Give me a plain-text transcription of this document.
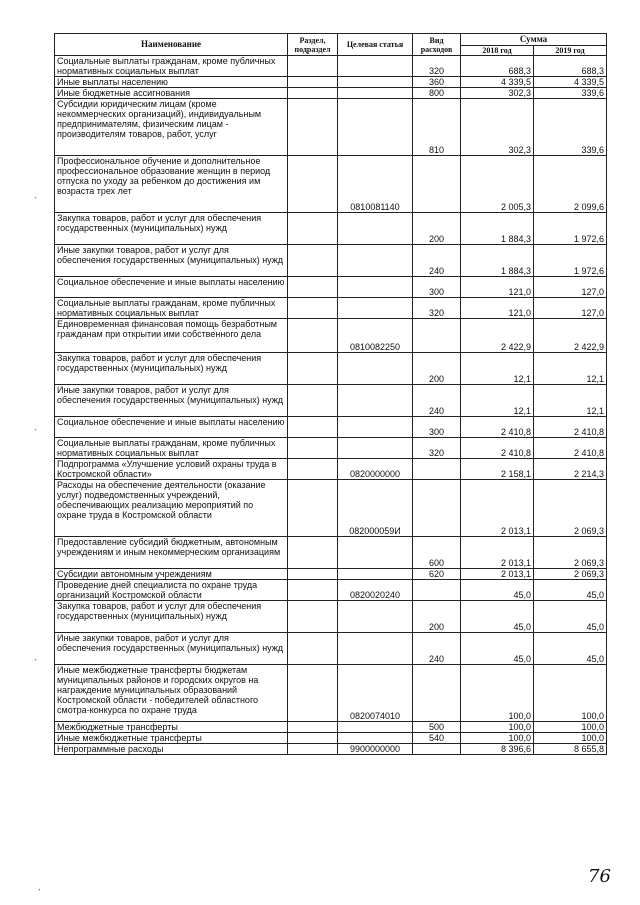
Наименование	Раздел, подраздел	Целевая статья	Вид расходов	Сумма	
				2018 год	2019 год
Социальные выплаты гражданам, кроме публичных нормативных социальных выплат			320	688,3	688,3
Иные выплаты населению			360	4 339,5	4 339,5
Иные бюджетные ассигнования			800	302,3	339,6
Субсидии юридическим лицам (кроме некоммерческих организаций), индивидуальным предпринимателям, физическим лицам - производителям товаров, работ, услуг			810	302,3	339,6
Профессиональное обучение и дополнительное профессиональное образование женщин в период отпуска по уходу за ребенком до достижения им возраста трех лет		0810081140		2 005,3	2 099,6
Закупка товаров, работ и услуг для обеспечения государственных (муниципальных) нужд			200	1 884,3	1 972,6
Иные закупки товаров, работ и услуг для обеспечения государственных (муниципальных) нужд			240	1 884,3	1 972,6
Социальное обеспечение и иные выплаты населению			300	121,0	127,0
Социальные выплаты гражданам, кроме публичных нормативных социальных выплат			320	121,0	127,0
Единовременная финансовая помощь безработным гражданам при открытии ими собственного дела		0810082250		2 422,9	2 422,9
Закупка товаров, работ и услуг для обеспечения государственных (муниципальных) нужд			200	12,1	12,1
Иные закупки товаров, работ и услуг для обеспечения государственных (муниципальных) нужд			240	12,1	12,1
Социальное обеспечение и иные выплаты населению			300	2 410,8	2 410,8
Социальные выплаты гражданам, кроме публичных нормативных социальных выплат			320	2 410,8	2 410,8
Подпрограмма «Улучшение условий охраны труда в Костромской области»		0820000000		2 158,1	2 214,3
Расходы на обеспечение деятельности (оказание услуг) подведомственных учреждений, обеспечивающих реализацию мероприятий по охране труда в Костромской области		082000059И		2 013,1	2 069,3
Предоставление субсидий бюджетным, автономным учреждениям и иным некоммерческим организациям			600	2 013,1	2 069,3
Субсидии автономным учреждениям			620	2 013,1	2 069,3
Проведение дней специалиста по охране труда организаций Костромской области		0820020240		45,0	45,0
Закупка товаров, работ и услуг для обеспечения государственных (муниципальных) нужд			200	45,0	45,0
Иные закупки товаров, работ и услуг для обеспечения государственных (муниципальных) нужд			240	45,0	45,0
Иные межбюджетные трансферты бюджетам муниципальных районов и городских округов на награждение муниципальных образований Костромской области - победителей областного смотра-конкурса по охране труда		0820074010		100,0	100,0
Межбюджетные трансферты			500	100,0	100,0
Иные межбюджетные трансферты			540	100,0	100,0
Непрограммные расходы		9900000000		8 396,6	8 655,8
`
`
`
`
76
